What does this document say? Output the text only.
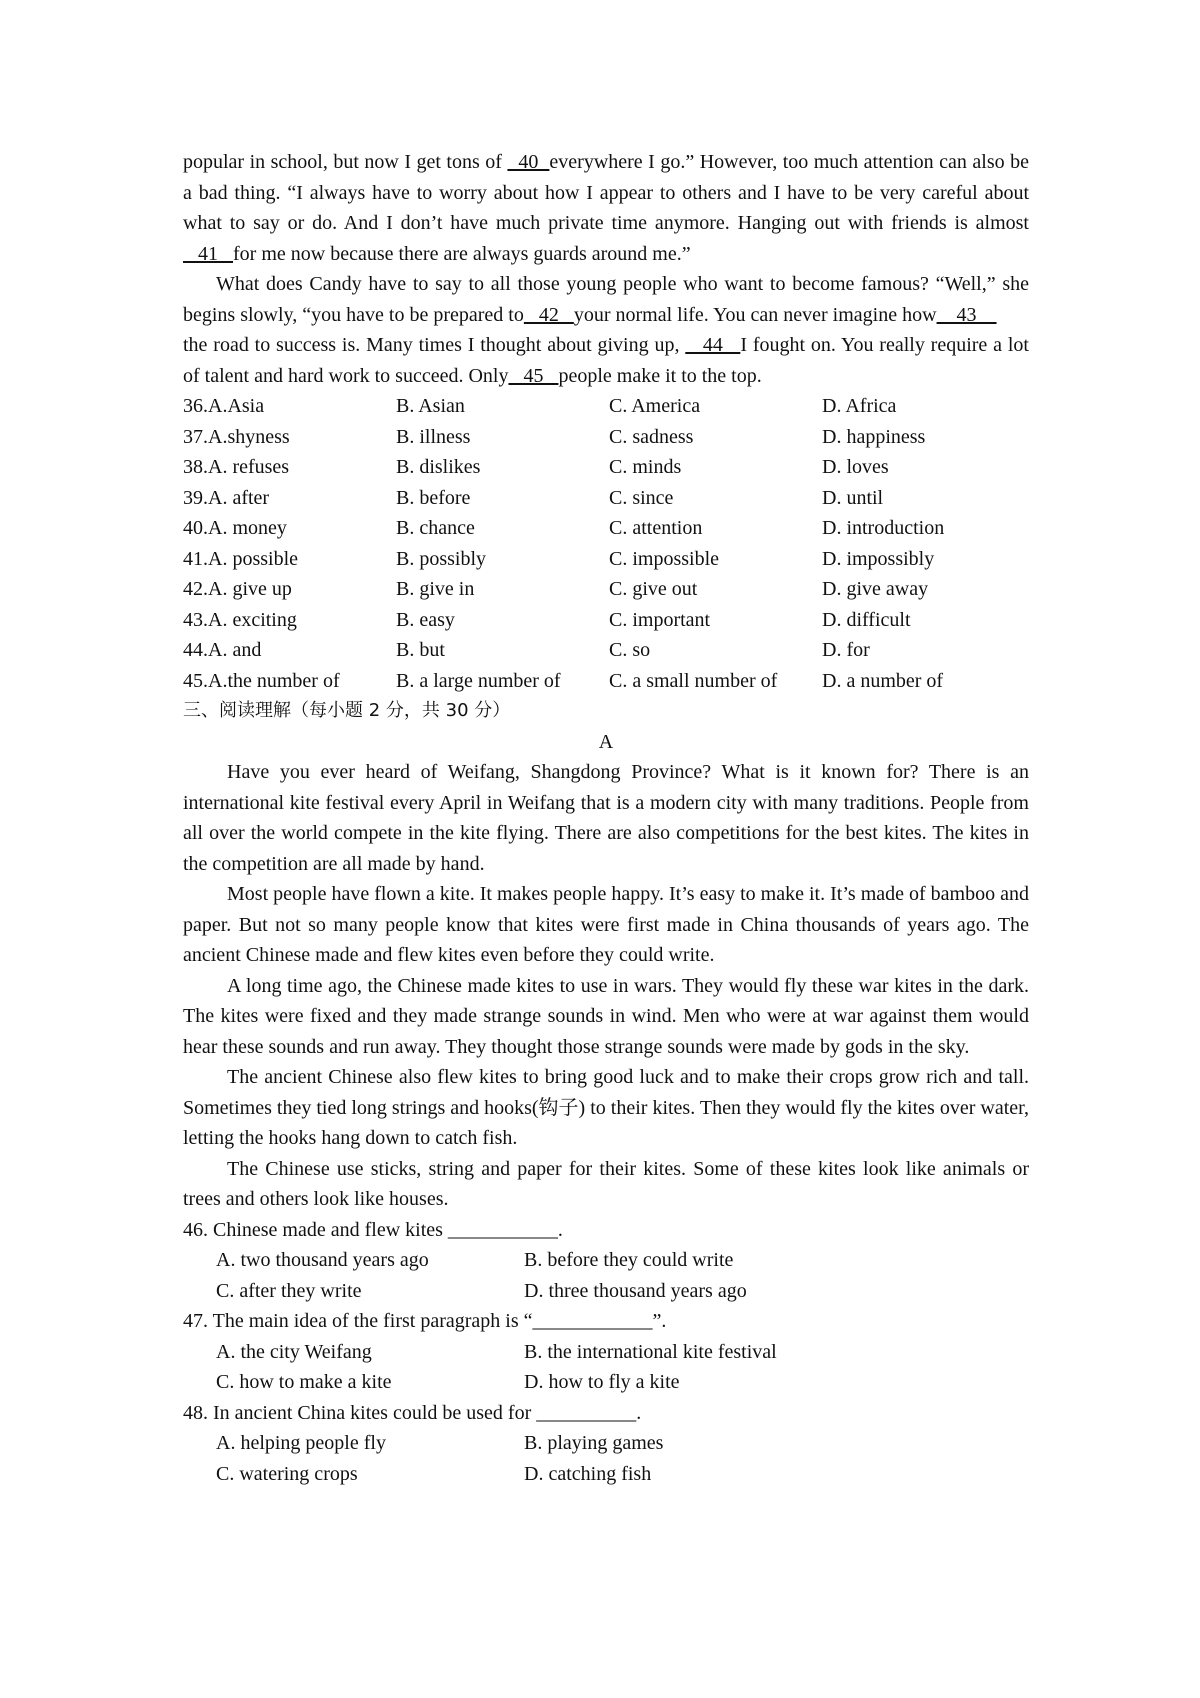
popular in school, but now I get tons of   40  everywhere I go.” However, too much attention can also be a bad thing. “I always have to worry about how I appear to others and I have to be very careful about what to say or do. And I don’t have much private time anymore. Hanging out with friends is almost   41   for me now because there are always guards around me.”

What does Candy have to say to all those young people who want to become famous? “Well,” she begins slowly, “you have to be prepared to   42   your normal life. You can never imagine how    43

the road to success is. Many times I thought about giving up,    44   I fought on. You really require a lot of talent and hard work to succeed. Only   45   people make it to the top.

36.A.Asia	B. Asian	C. America	D. Africa
37.A.shyness	B. illness	C. sadness	D. happiness
38.A. refuses	B. dislikes	C. minds	D. loves
39.A. after	B. before	C. since	D. until
40.A. money	B. chance	C. attention	D. introduction
41.A. possible	B. possibly	C. impossible	D. impossibly
42.A. give up	B. give in	C. give out	D. give away
43.A. exciting	B. easy	C. important	D. difficult
44.A. and	B. but	C. so	D. for
45.A.the number of	B. a large number of	C. a small number of	D. a number of
三、阅读理解（每小题 2 分，共 30 分）
A

Have you ever heard of Weifang, Shangdong Province? What is it known for? There is an international kite festival every April in Weifang that is a modern city with many traditions. People from all over the world compete in the kite flying. There are also competitions for the best kites. The kites in the competition are all made by hand.

Most people have flown a kite. It makes people happy. It’s easy to make it. It’s made of bamboo and paper. But not so many people know that kites were first made in China thousands of years ago. The ancient Chinese made and flew kites even before they could write.

A long time ago, the Chinese made kites to use in wars. They would fly these war kites in the dark. The kites were fixed and they made strange sounds in wind. Men who were at war against them would hear these sounds and run away. They thought those strange sounds were made by gods in the sky.

The ancient Chinese also flew kites to bring good luck and to make their crops grow rich and tall. Sometimes they tied long strings and hooks(钩子) to their kites. Then they would fly the kites over water, letting the hooks hang down to catch fish.

The Chinese use sticks, string and paper for their kites. Some of these kites look like animals or trees and others look like houses.

46. Chinese made and flew kites ___________.

A. two thousand years ago	B. before they could write
C. after they write	D. three thousand years ago

47. The main idea of the first paragraph is “____________”.

A. the city Weifang	B. the international kite festival
C. how to make a kite	D. how to fly a kite

48. In ancient China kites could be used for __________.

A. helping people fly	B. playing games
C. watering crops	D. catching fish
